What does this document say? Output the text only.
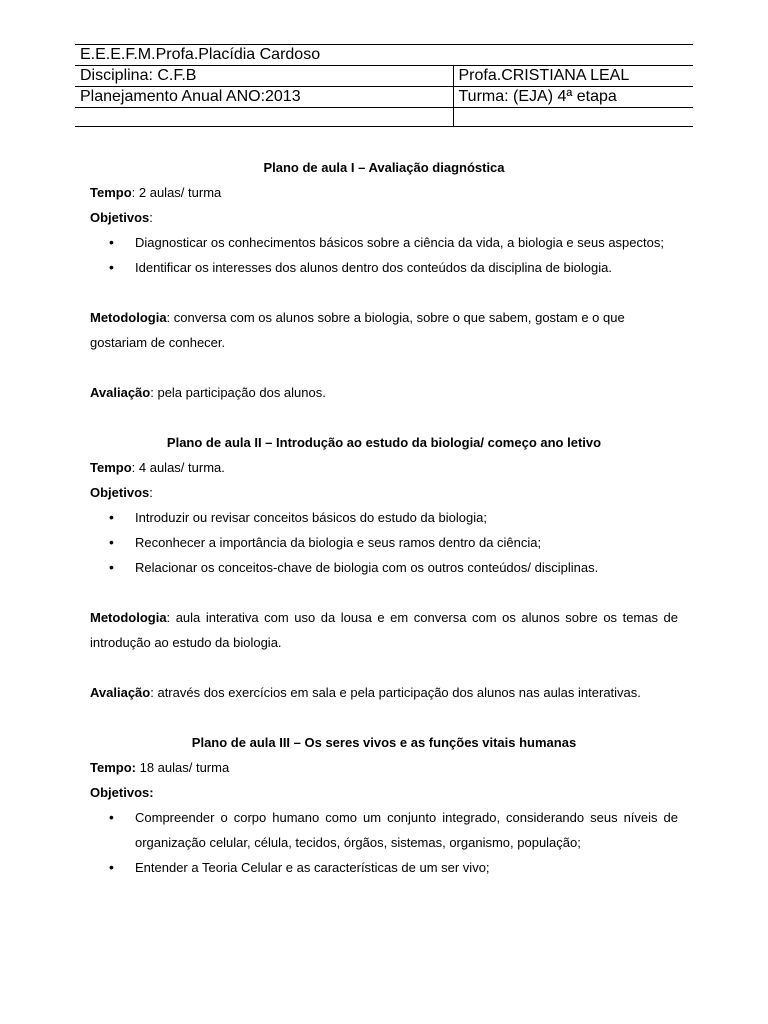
E.E.E.F.M.Profa.Placídia Cardoso	
Disciplina: C.F.B	Profa.CRISTIANA LEAL
Planejamento Anual ANO:2013	Turma: (EJA) 4ª etapa

Plano de aula I – Avaliação diagnóstica

Tempo: 2 aulas/ turma

Objetivos:

• Diagnosticar os conhecimentos básicos sobre a ciência da vida, a biologia e seus aspectos;
• Identificar os interesses dos alunos dentro dos conteúdos da disciplina de biologia.

Metodologia: conversa com os alunos sobre a biologia, sobre o que sabem, gostam e o que gostariam de conhecer.

Avaliação: pela participação dos alunos.

Plano de aula II – Introdução ao estudo da biologia/ começo ano letivo

Tempo: 4 aulas/ turma.

Objetivos:

• Introduzir ou revisar conceitos básicos do estudo da biologia;
• Reconhecer a importância da biologia e seus ramos dentro da ciência;
• Relacionar os conceitos-chave de biologia com os outros conteúdos/ disciplinas.

Metodologia: aula interativa com uso da lousa e em conversa com os alunos sobre os temas de introdução ao estudo da biologia.

Avaliação: através dos exercícios em sala e pela participação dos alunos nas aulas interativas.

Plano de aula III – Os seres vivos e as funções vitais humanas

Tempo: 18 aulas/ turma

Objetivos:

• Compreender o corpo humano como um conjunto integrado, considerando seus níveis de organização celular, célula, tecidos, órgãos, sistemas, organismo, população;
• Entender a Teoria Celular e as características de um ser vivo;
